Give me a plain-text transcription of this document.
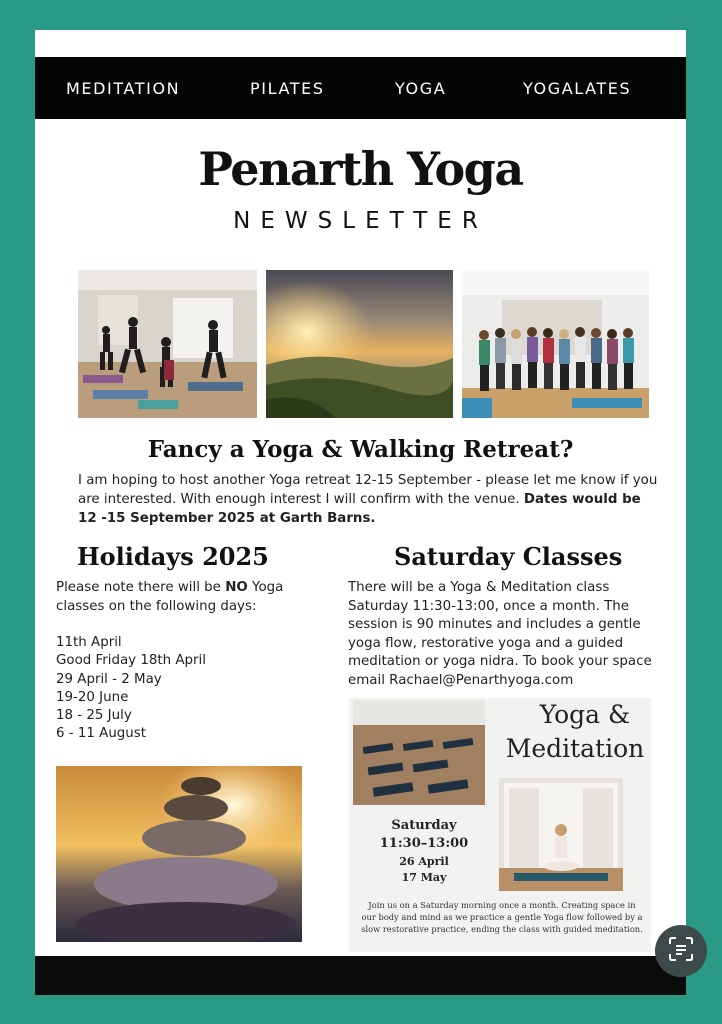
MEDITATION	PILATES	YOGA	YOGALATES
Penarth Yoga
NEWSLETTER
Fancy a Yoga & Walking Retreat?

I am hoping to host another Yoga retreat 12-15 September - please let me know if you are interested. With enough interest I will confirm with the venue. Dates would be 12 -15 September 2025 at Garth Barns.

Holidays 2025

Please note there will be NO Yoga classes on the following days:

11th April
Good Friday 18th April
29 April - 2 May
19-20 June
18 - 25 July
6 - 11 August
Saturday Classes

There will be a Yoga & Meditation class Saturday 11:30-13:00, once a month. The session is 90 minutes and includes a gentle yoga flow, restorative yoga and a guided meditation or yoga nidra. To book your space email Rachael@Penarthyoga.com

Yoga &
Meditation
Saturday
11:30–13:00
26 April
17 May
Join us on a Saturday morning once a month. Creating space in our body and mind as we practice a gentle Yoga flow followed by a slow restorative practice, ending the class with guided meditation.
